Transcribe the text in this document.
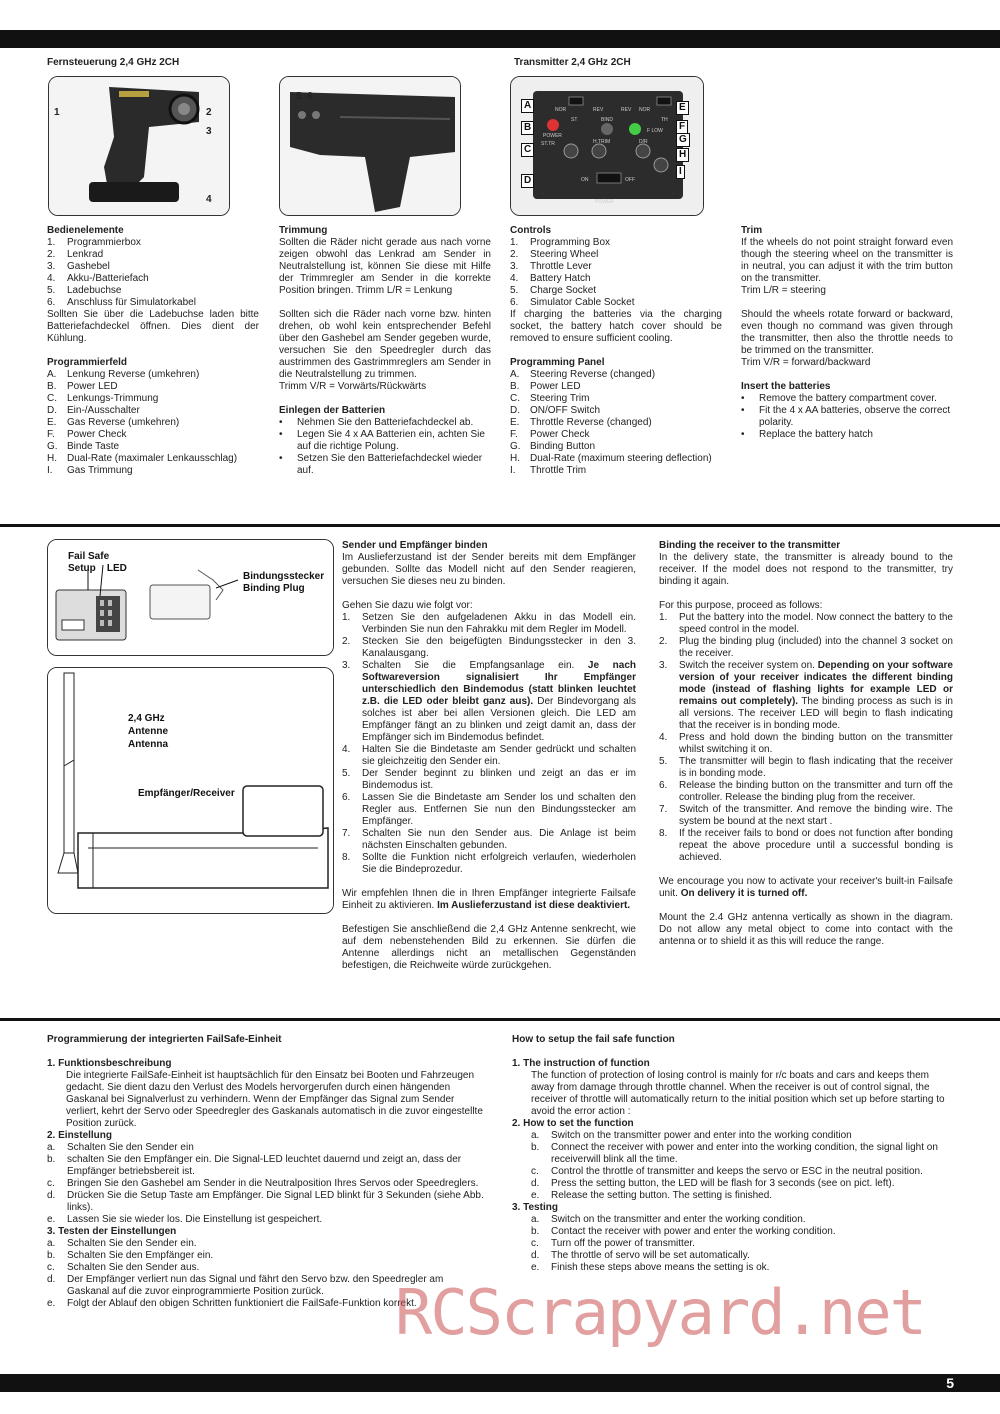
5
Fernsteuerung 2,4 GHz 2CH	Transmitter 2,4 GHz 2CH
1	2
3
4
5 6
NOR	REV	REV NOR
POWER
POWER
ST	TH
BIND
F LOW
ST.TR	H.TRIM	D/R
ON	OFF
A
B
C
D
E
F
G
H
I
Bedienelemente
1.	Programmierbox
2.	Lenkrad
3.	Gashebel
4.	Akku-/Batteriefach
5.	Ladebuchse
6.	Anschluss für Simulatorkabel

Sollten Sie über die Ladebuchse laden bitte Batteriefachdeckel öffnen. Dies dient der Kühlung.

Programmierfeld
A.	Lenkung Reverse (umkehren)
B.	Power LED
C.	Lenkungs-Trimmung
D.	Ein-/Ausschalter
E.	Gas Reverse (umkehren)
F.	Power Check
G. Binde Taste
H.	Dual-Rate (maximaler Lenkausschlag)
I.	Gas Trimmung
Trimmung

Sollten die Räder nicht gerade aus nach vorne zeigen obwohl das Lenkrad am Sender in Neutralstellung ist, können Sie diese mit Hilfe der Trimmregler am Sender in die korrekte Position bringen. Trimm L/R = Lenkung

Sollten sich die Räder nach vorne bzw. hinten drehen, ob wohl kein entsprechender Befehl über den Gashebel am Sender gegeben wurde, versuchen Sie den Speedregler durch das austrimmen des Gastrimmreglers am Sender in die Neutralstellung zu trimmen.
Trimm V/R = Vorwärts/Rückwärts

Einlegen der Batterien
•	Nehmen Sie den Batteriefachdeckel ab.
•	Legen Sie 4 x AA Batterien ein, achten Sie auf die richtige Polung.
•	Setzen Sie den Batteriefachdeckel wieder auf.
Controls
1.	Programming Box
2.	Steering Wheel
3.	Throttle Lever
4.	Battery Hatch
5.	Charge Socket
6.	Simulator Cable Socket

If charging the batteries via the charging socket, the battery hatch cover should be removed to ensure sufficient cooling.

Programming Panel
A.	Steering Reverse (changed)
B.	Power LED
C.	Steering Trim
D.	ON/OFF Switch
E.	Throttle Reverse (changed)
F.	Power Check
G. Binding Button
H.	Dual-Rate (maximum steering deflection)
I.	Throttle Trim
Trim

If the wheels do not point straight forward even though the steering wheel on the transmitter is in neutral, you can adjust it with the trim button on the transmitter.
Trim L/R = steering

Should the wheels rotate forward or backward, even though no command was given through the transmitter, then also the throttle needs to be trimmed on the transmitter.
Trim V/R = forward/backward

Insert the batteries
•	Remove the battery compartment cover.
•	Fit the 4 x AA batteries, observe the correct polarity.
•	Replace the battery hatch
Fail Safe
Setup LED
Bindungsstecker
Binding Plug
2,4 GHz
Antenne
Antenna
Empfänger/Receiver
Sender und Empfänger binden

Im Auslieferzustand ist der Sender bereits mit dem Empfänger gebunden. Sollte das Modell nicht auf den Sender reagieren, versuchen Sie dieses neu zu binden.

Gehen Sie dazu wie folgt vor:
1.	Setzen Sie den aufgeladenen Akku in das Modell ein. Verbinden Sie nun den Fahrakku mit dem Regler im Modell.
2.	Stecken Sie den beigefügten Bindungsstecker in den 3. Kanalausgang.
3.	Schalten Sie die Empfangsanlage ein. Je nach Softwareversion signalisiert Ihr Empfänger unterschiedlich den Bindemodus (statt blinken leuchtet z.B. die LED oder bleibt ganz aus). Der Bindevorgang als solches ist aber bei allen Versionen gleich. Die LED am Empfänger fängt an zu blinken und zeigt damit an, dass der Empfänger sich im Bindemodus befindet.
4.	Halten Sie die Bindetaste am Sender gedrückt und schalten sie gleichzeitig den Sender ein.
5.	Der Sender beginnt zu blinken und zeigt an das er im Bindemodus ist.
6.	Lassen Sie die Bindetaste am Sender los und schalten den Regler aus. Entfernen Sie nun den Bindungsstecker am Empfänger.
7.	Schalten Sie nun den Sender aus. Die Anlage ist beim nächsten Einschalten gebunden.
8.	Sollte die Funktion nicht erfolgreich verlaufen, wiederholen Sie die Bindeprozedur.

Wir empfehlen Ihnen die in Ihren Empfänger integrierte Failsafe Einheit zu aktivieren. Im Auslieferzustand ist diese deaktiviert.

Befestigen Sie anschließend die 2,4 GHz Antenne senkrecht, wie auf dem nebenstehenden Bild zu erkennen. Sie dürfen die Antenne allerdings nicht an metallischen Gegenständen befestigen, die Reichweite würde zurückgehen.

Binding the receiver to the transmitter

In the delivery state, the transmitter is already bound to the receiver. If the model does not respond to the transmitter, try binding it again.

For this purpose, proceed as follows:
1.	Put the battery into the model. Now connect the battery to the speed control in the model.
2.	Plug the binding plug (included) into the channel 3 socket on the receiver.
3.	Switch the receiver system on. Depending on your software version of your receiver indicates the different binding mode (instead of flashing lights for example LED or remains out completely). The binding process as such is in all versions. The receiver LED will begin to flash indicating that the receiver is in bonding mode.
4.	Press and hold down the binding button on the transmitter whilst switching it on.
5.	The transmitter will begin to flash indicating that the receiver is in bonding mode.
6.	Release the binding button on the transmitter and turn off the controller. Release the binding plug from the receiver.
7.	Switch of the transmitter. And remove the binding wire. The system be bound at the next start .
8.	If the receiver fails to bond or does not function after bonding repeat the above procedure until a successful bonding is achieved.

We encourage you now to activate your receiver's built-in Failsafe unit. On delivery it is turned off.

Mount the 2.4 GHz antenna vertically as shown in the diagram. Do not allow any metal object to come into contact with the antenna or to shield it as this will reduce the range.

Programmierung der integrierten FailSafe-Einheit
1. Funktionsbeschreibung
Die integrierte FailSafe-Einheit ist hauptsächlich für den Einsatz bei Booten und Fahrzeugen gedacht. Sie dient dazu den Verlust des Models hervorgerufen durch einen hängenden Gaskanal bei Signalverlust zu verhindern. Wenn der Empfänger das Signal zum Sender verliert, kehrt der Servo oder Speedregler des Gaskanals automatisch in die zuvor eingestellte Position zurück.
2. Einstellung
a.	Schalten Sie den Sender ein
b.	schalten Sie den Empfänger ein. Die Signal-LED leuchtet dauernd und zeigt an, dass der Empfänger betriebsbereit ist.
c.	Bringen Sie den Gashebel am Sender in die Neutralposition Ihres Servos oder Speedreglers.
d.	Drücken Sie die Setup Taste am Empfänger. Die Signal LED blinkt für 3 Sekunden (siehe Abb. links).
e.	Lassen Sie sie wieder los. Die Einstellung ist gespeichert.
3. Testen der Einstellungen
a.	Schalten Sie den Sender ein.
b.	Schalten Sie den Empfänger ein.
c.	Schalten Sie den Sender aus.
d.	Der Empfänger verliert nun das Signal und fährt den Servo bzw. den Speedregler am Gaskanal auf die zuvor einprogrammierte Position zurück.
e.	Folgt der Ablauf den obigen Schritten funktioniert die FailSafe-Funktion korrekt.
How to setup the fail safe function
1. The instruction of function
The function of protection of losing control is mainly for r/c boats and cars and keeps them away from damage through throttle channel. When the receiver is out of control signal, the receiver of throttle will automatically return to the initial position which set up before starting to avoid the error action :
2. How to set the function
a.	Switch on the transmitter power and enter into the working condition
b.	Connect the receiver with power and enter into the working condition, the signal light on receiverwill blink all the time.
c.	Control the throttle of transmitter and keeps the servo or ESC in the neutral position.
d.	Press the setting button, the LED will be flash for 3 seconds (see on pict. left).
e.	Release the setting button. The setting is finished.
3. Testing
a.	Switch on the transmitter and enter the working condition.
b.	Contact the receiver with power and enter the working condition.
c.	Turn off the power of transmitter.
d.	The throttle of servo will be set automatically.
e.	Finish these steps above means the setting is ok.
RCScrapyard.net
